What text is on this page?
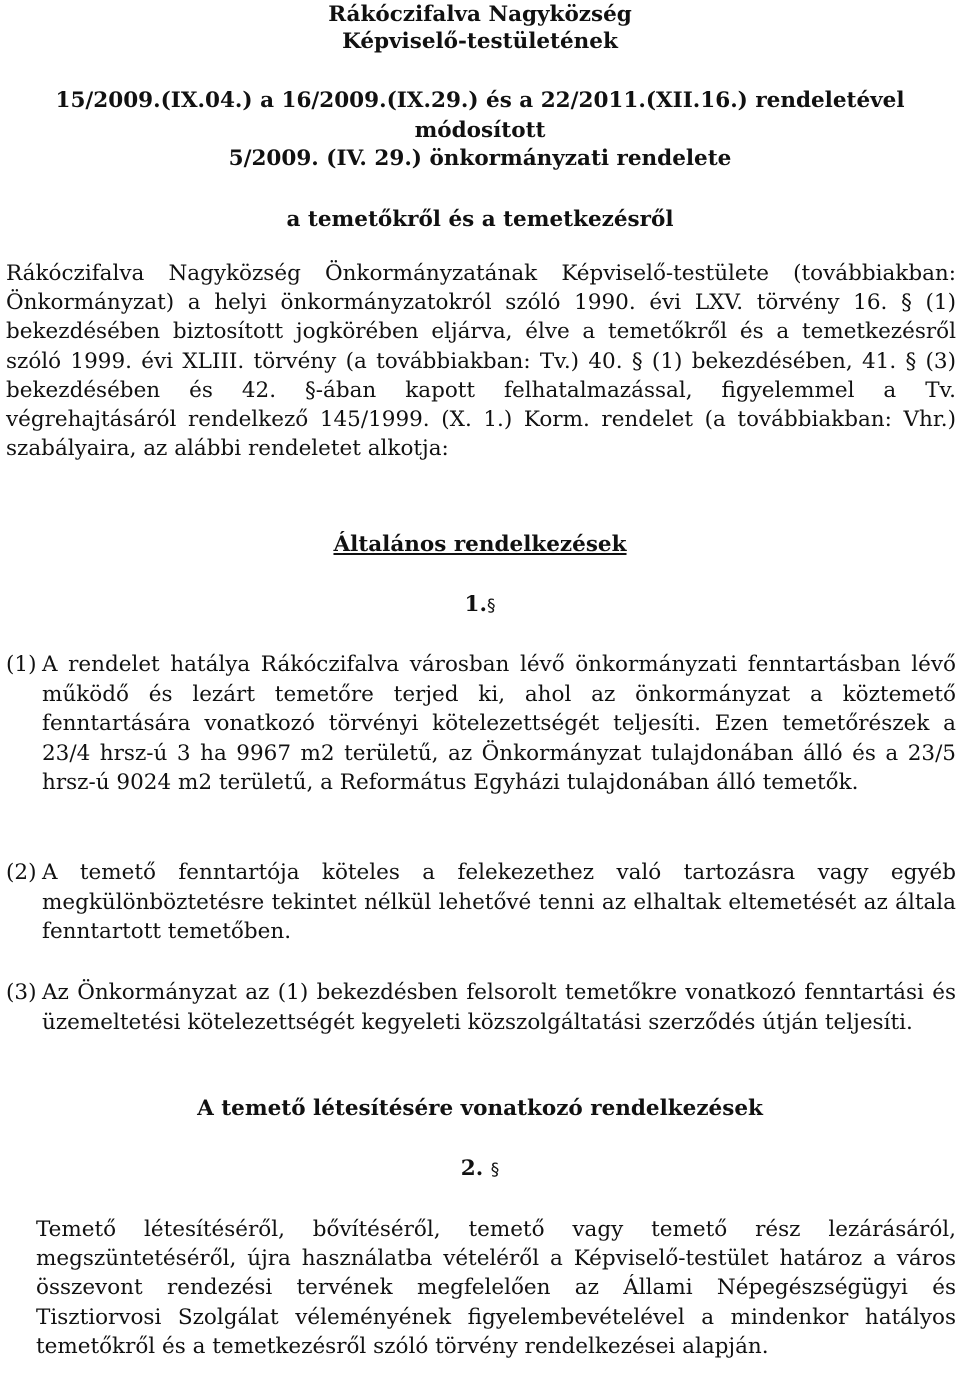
Rákóczifalva Nagyközség
Képviselő-testületének
15/2009.(IX.04.) a 16/2009.(IX.29.) és a 22/2011.(XII.16.) rendeletével
módosított
5/2009. (IV. 29.) önkormányzati rendelete
a temetőkről és a temetkezésről
Rákóczifalva Nagyközség Önkormányzatának Képviselő-testülete (továbbiakban: Önkormányzat) a helyi önkormányzatokról szóló 1990. évi LXV. törvény 16. § (1) bekezdésében biztosított jogkörében eljárva, élve a temetőkről és a temetkezésről szóló 1999. évi XLIII. törvény (a továbbiakban: Tv.) 40. § (1) bekezdésében, 41. § (3) bekezdésében és 42. §-ában kapott felhatalmazással, figyelemmel a Tv. végrehajtásáról rendelkező 145/1999. (X. 1.) Korm. rendelet (a továbbiakban: Vhr.) szabályaira, az alábbi rendeletet alkotja:
Általános rendelkezések
1.§
(1) A rendelet hatálya Rákóczifalva városban lévő önkormányzati fenntartásban lévő működő és lezárt temetőre terjed ki, ahol az önkormányzat a köztemető fenntartására vonatkozó törvényi kötelezettségét teljesíti. Ezen temetőrészek a 23/4 hrsz-ú 3 ha 9967 m2 területű, az Önkormányzat tulajdonában álló és a 23/5 hrsz-ú 9024 m2 területű, a Református Egyházi tulajdonában álló temetők.
(2) A temető fenntartója köteles a felekezethez való tartozásra vagy egyéb megkülönböztetésre tekintet nélkül lehetővé tenni az elhaltak eltemetését az általa fenntartott temetőben.
(3) Az Önkormányzat az (1) bekezdésben felsorolt temetőkre vonatkozó fenntartási és üzemeltetési kötelezettségét kegyeleti közszolgáltatási szerződés útján teljesíti.
A temető létesítésére vonatkozó rendelkezések
2. §
Temető létesítéséről, bővítéséről, temető vagy temető rész lezárásáról, megszüntetéséről, újra használatba vételéről a Képviselő-testület határoz a város összevont rendezési tervének megfelelően az Állami Népegészségügyi és Tisztiorvosi Szolgálat véleményének figyelembevételével a mindenkor hatályos temetőkről és a temetkezésről szóló törvény rendelkezései alapján.
